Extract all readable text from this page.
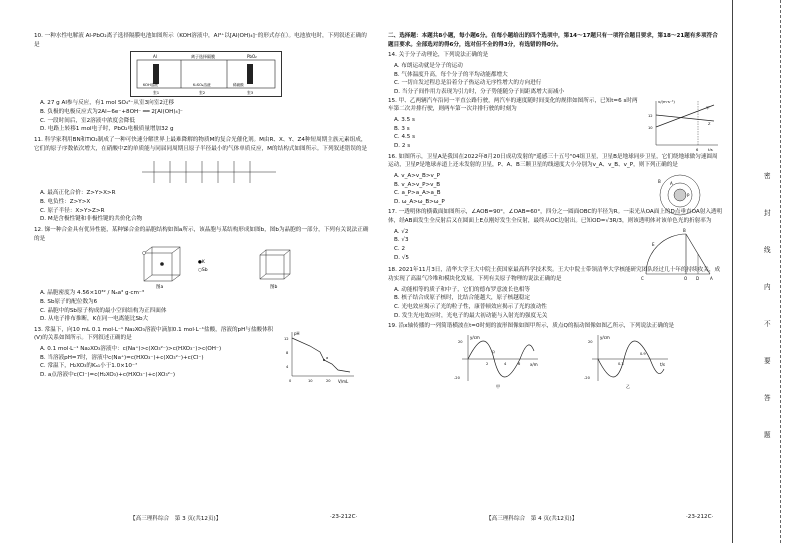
10. 一种水性电解液 Al-PbO₂离子选择隔膜电池如图所示（KOH溶液中，Al³⁺以[Al(OH)₄]⁻的形式存在）。电池放电时，下列叙述正确的是
Al	离子选择隔膜	PbO₂
KOH溶液	K₂SO₄溶液	稀硫酸
室1	室2	室3
A. 27 g Al参与反应，有1 mol SO₄²⁻从室3向室2迁移
B. 负极的电极反应式为2Al−6e⁻+8OH⁻ ══ 2[Al(OH)₄]⁻
C. 一段时间后，室2溶液中浓度会降低
D. 电路上转移1 mol电子时，PbO₂电极质量增加32 g
11. 科学家利用BN和TiO₂制成了一种可快速分解世界上最难降解的物质M的复合光催化剂。M由R、X、Y、Z4种短周期主族元素组成，它们的原子序数依次增大，在硝酸中Z的单质能与同届同周期且原子半径最小的气体单质反应，M的结构式如图所示。下列叙述错误的是
A. 最高正化合价：Z>Y>X>R
B. 电负性：Z>Y>X
C. 原子半径：X>Y>Z>R
D. M是含极性键和非极性键的共价化合物
12. 锑一种合金具有优异性能，某种锑合金的晶胞结构如图a所示，该晶胞与某结构形成如图b，图b为晶胞的一部分，下列有关说法正确的是
●K
○Sb
图a	图b
A. 晶胞密度为 4.56×10³² / Nₐa³ g·cm⁻³
B. Sb原子的配位数为6
C. 晶胞中的Sb原子构成的最小空间结构为正四面体
D. 从电子排布推断，K在同一电离能比Sb大
13. 常温下，向10 mL 0.1 mol·L⁻¹ Na₂XO₃溶液中滴加0.1 mol·L⁻¹盐酸，溶液的pH与盐酸体积(V)的关系如图所示。下列叙述正确的是
A. 0.1 mol·L⁻¹ Na₂XO₃溶液中：c(Na⁺)>c(XO₃²⁻)>c(HXO₃⁻)>c(OH⁻)
B. 当溶液pH=7时，溶液中c(Na⁺)=c(HXO₃⁻)+c(XO₃²⁻)+c(Cl⁻)
C. 常温下，H₂XO₃的Kₐ₁小于1.0×10⁻⁷
D. a点溶液中c(Cl⁻)=c(H₂XO₃)+c(HXO₃⁻)+c(XO₃²⁻)
pH
V/mL
12
8
4
0	10	20
a
二、选择题：本题共8小题，每小题6分。在每小题给出的四个选项中，第14～17题只有一项符合题目要求，第18～21题有多项符合题目要求。全部选对的得6分，选对但不全的得3分，有选错的得0分。
14. 关于分子动理论，下列说法正确的是
A. 布朗运动就是分子的运动
B. 气体温度升高，每个分子的平均动能都增大
C. 一切自发过程总是沿着分子热运动无序性增大的方向进行
D. 当分子间作用力表现为引力时，分子势能随分子间距离增大而减小
15. 甲、乙两辆汽车沿同一平直公路行驶，两汽车的速度随时间变化的规律如图所示，已知t=6 s时两车第二次并排行驶，则两车第一次并排行驶的时刻为
A. 3.5 s
B. 3 s
C. 4.5 s
D. 2 s
v/(m·s⁻¹)
t/s
12
10
甲
Z
6
16. 如图所示，卫星A是我国在2022年8月20日成功发射的"遥感三十五号"04组卫星，卫星B是地球同步卫星，它们绕地球做匀速圆周运动，卫星P是地球赤道上还未发射的卫星，P、A、B三颗卫星的线速度大小分别为v_A、v_B、v_P，则下列正确的是
A. v_A>v_B>v_P
B. v_A>v_P>v_B
C. a_P>a_A>a_B
D. ω_A>ω_B>ω_P
A
B
P
17. 一透明体的横截面如图所示，∠AOB=90°，∠OAB=60°，四分之一圆面OBC的半径为R。一束光从OA面上的D点垂直OA射入透明体，经AB面发生全反射后又在圆面上E点刚好发生全反射，最终从OC边射出。已知OD=√3R/3，则该透明体对该单色光的折射率为
A. √2
B. √3
C. 2
D. √5
B
C	O D	A
E
18. 2021年11月3日，清华大学王大中院士获国家最高科学技术奖。王大中院士带领清华大学核能研究团队经过几十年的持续攻关，成功实现了高温气冷堆和模块化发展。下列有关原子物理的说法正确的是
A. 动能相等的质子和中子，它们的德布罗意波长也相等
B. 核子结合成原子核时，比结合能越大，原子核越稳定
C. 光电效应揭示了光的粒子性，康普顿效应揭示了光的波动性
D. 发生光电效应时，光电子的最大初动能与入射光的强度无关
19. 沿x轴传播的一列简谐横波在t=0时刻的波形图像如图甲所示，质点Q的振动图像如图乙所示，下列说法正确的是
y/cm
x/m
20
-20
2	4	6
Q
甲
y/cm
t/s
20
-20
0.3
0.9
乙
【高三理科综合　第 3 页(共12页)】	·23-212C·	【高三理科综合　第 4 页(共12页)】	·23-212C·
密
封
线
内
不
要
答
题
